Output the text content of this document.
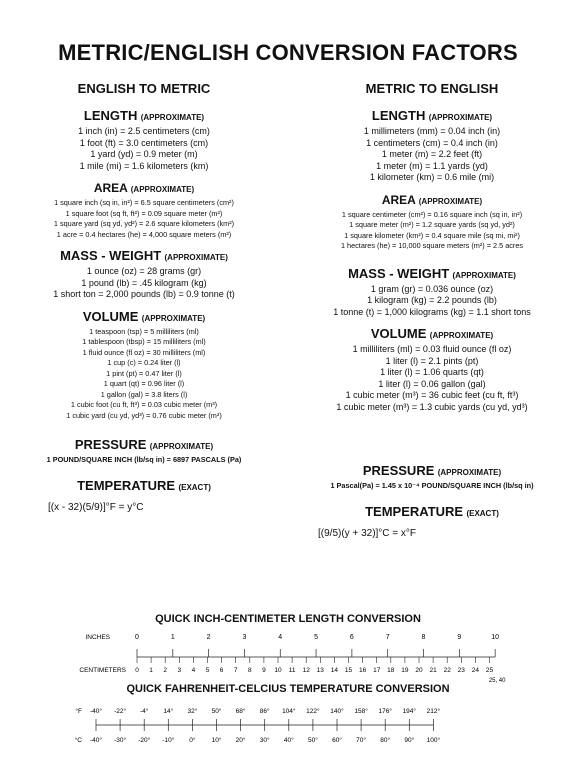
METRIC/ENGLISH CONVERSION FACTORS
ENGLISH TO METRIC
LENGTH (APPROXIMATE)
1 inch (in) = 2.5 centimeters (cm)
1 foot (ft) = 3.0 centimeters (cm)
1 yard (yd) = 0.9 meter (m)
1 mile (mi) = 1.6 kilometers (km)
AREA (APPROXIMATE)
1 square inch (sq in, in²) = 6.5 square centimeters (cm²)
1 square foot (sq ft, ft²) = 0.09 square meter (m²)
1 square yard (sq yd, yd²) = 2.6 square kilometers (km²)
1 acre = 0.4 hectares (he) = 4,000 square meters (m²)
MASS - WEIGHT (APPROXIMATE)
1 ounce (oz) = 28 grams (gr)
1 pound (lb) = .45 kilogram (kg)
1 short ton = 2,000 pounds (lb) = 0.9 tonne (t)
VOLUME (APPROXIMATE)
1 teaspoon (tsp) = 5 milliliters (ml)
1 tablespoon (tbsp) = 15 milliliters (ml)
1 fluid ounce (fl oz) = 30 milliliters (ml)
1 cup (c) = 0.24 liter (l)
1 pint (pt) = 0.47 liter (l)
1 quart (qt) = 0.96 liter (l)
1 gallon (gal) = 3.8 liters (l)
1 cubic foot (cu ft, ft³) = 0.03 cubic meter (m³)
1 cubic yard (cu yd, yd³) = 0.76 cubic meter (m³)
PRESSURE (APPROXIMATE)
1 POUND/SQUARE INCH (lb/sq in) = 6897 PASCALS (Pa)
TEMPERATURE (EXACT)
[(x - 32)(5/9)]°F = y°C
METRIC TO ENGLISH
LENGTH (APPROXIMATE)
1 millimeters (mm) = 0.04 inch (in)
1 centimeters (cm) = 0.4 inch (in)
1 meter (m) = 2.2 feet (ft)
1 meter (m) = 1.1 yards (yd)
1 kilometer (km) = 0.6 mile (mi)
AREA (APPROXIMATE)
1 square centimeter (cm²) = 0.16 square inch (sq in, in²)
1 square meter (m²) = 1.2 square yards (sq yd, yd²)
1 square kilometer (km²) = 0.4 square mile (sq mi, mi²)
1 hectares (he) = 10,000 square meters (m²) = 2.5 acres
MASS - WEIGHT (APPROXIMATE)
1 gram (gr) = 0.036 ounce (oz)
1 kilogram (kg) = 2.2 pounds (lb)
1 tonne (t) = 1,000 kilograms (kg) = 1.1 short tons
VOLUME (APPROXIMATE)
1 milliliters (ml) = 0.03 fluid ounce (fl oz)
1 liter (l) = 2.1 pints (pt)
1 liter (l) = 1.06 quarts (qt)
1 liter (l) = 0.06 gallon (gal)
1 cubic meter (m³) = 36 cubic feet (cu ft, ft³)
1 cubic meter (m³) = 1.3 cubic yards (cu yd, yd³)
PRESSURE (APPROXIMATE)
1 Pascal(Pa) = 1.45 x 10⁻⁴ POUND/SQUARE INCH (lb/sq in)
TEMPERATURE (EXACT)
[(9/5)(y + 32)]°C = x°F
QUICK INCH-CENTIMETER LENGTH CONVERSION
INCHES
CENTIMETERS
0	1	2	3	4	5	6	7	8	9	10
0 1 2 3 4 5 6 7 8 9 10 11 12 13 14 15 16 17 18 19 20 21 22 23 24 25
25, 40
QUICK FAHRENHEIT-CELCIUS TEMPERATURE CONVERSION
°F
°C
-40° -22° -4° 14° 32° 50° 68° 86° 104° 122° 140° 158° 176° 194° 212°
-40° -30° -20° -10° 0° 10° 20° 30° 40° 50° 60° 70° 80° 90° 100°
